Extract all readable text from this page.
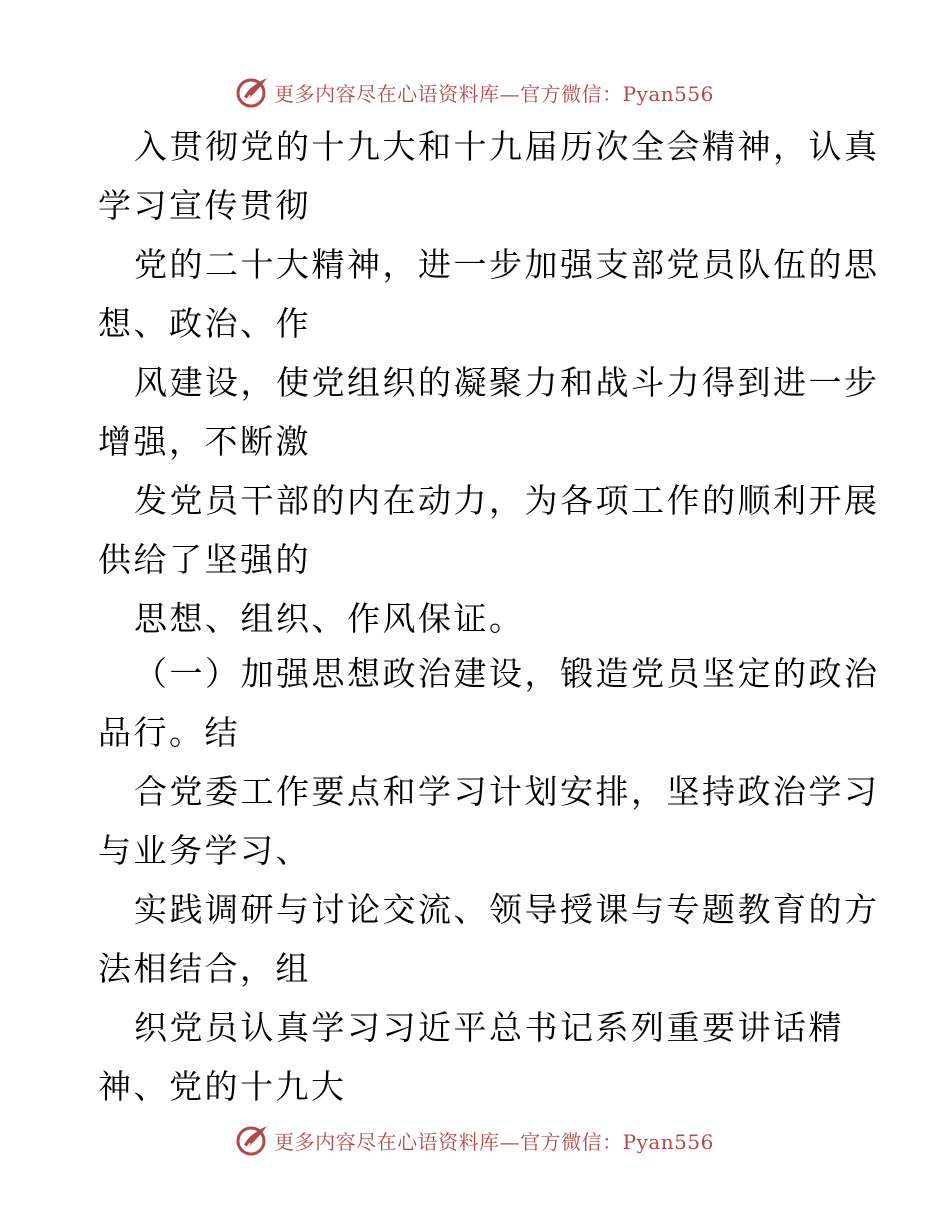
更多内容尽在心语资料库—官方微信：Pyan556
入贯彻党的十九大和十九届历次全会精神，认真
学习宣传贯彻
党的二十大精神，进一步加强支部党员队伍的思
想、政治、作
风建设，使党组织的凝聚力和战斗力得到进一步
增强，不断激
发党员干部的内在动力，为各项工作的顺利开展
供给了坚强的
思想、组织、作风保证。
（一）加强思想政治建设，锻造党员坚定的政治
品行。结
合党委工作要点和学习计划安排，坚持政治学习
与业务学习、
实践调研与讨论交流、领导授课与专题教育的方
法相结合，组
织党员认真学习习近平总书记系列重要讲话精
神、党的十九大
更多内容尽在心语资料库—官方微信：Pyan556
